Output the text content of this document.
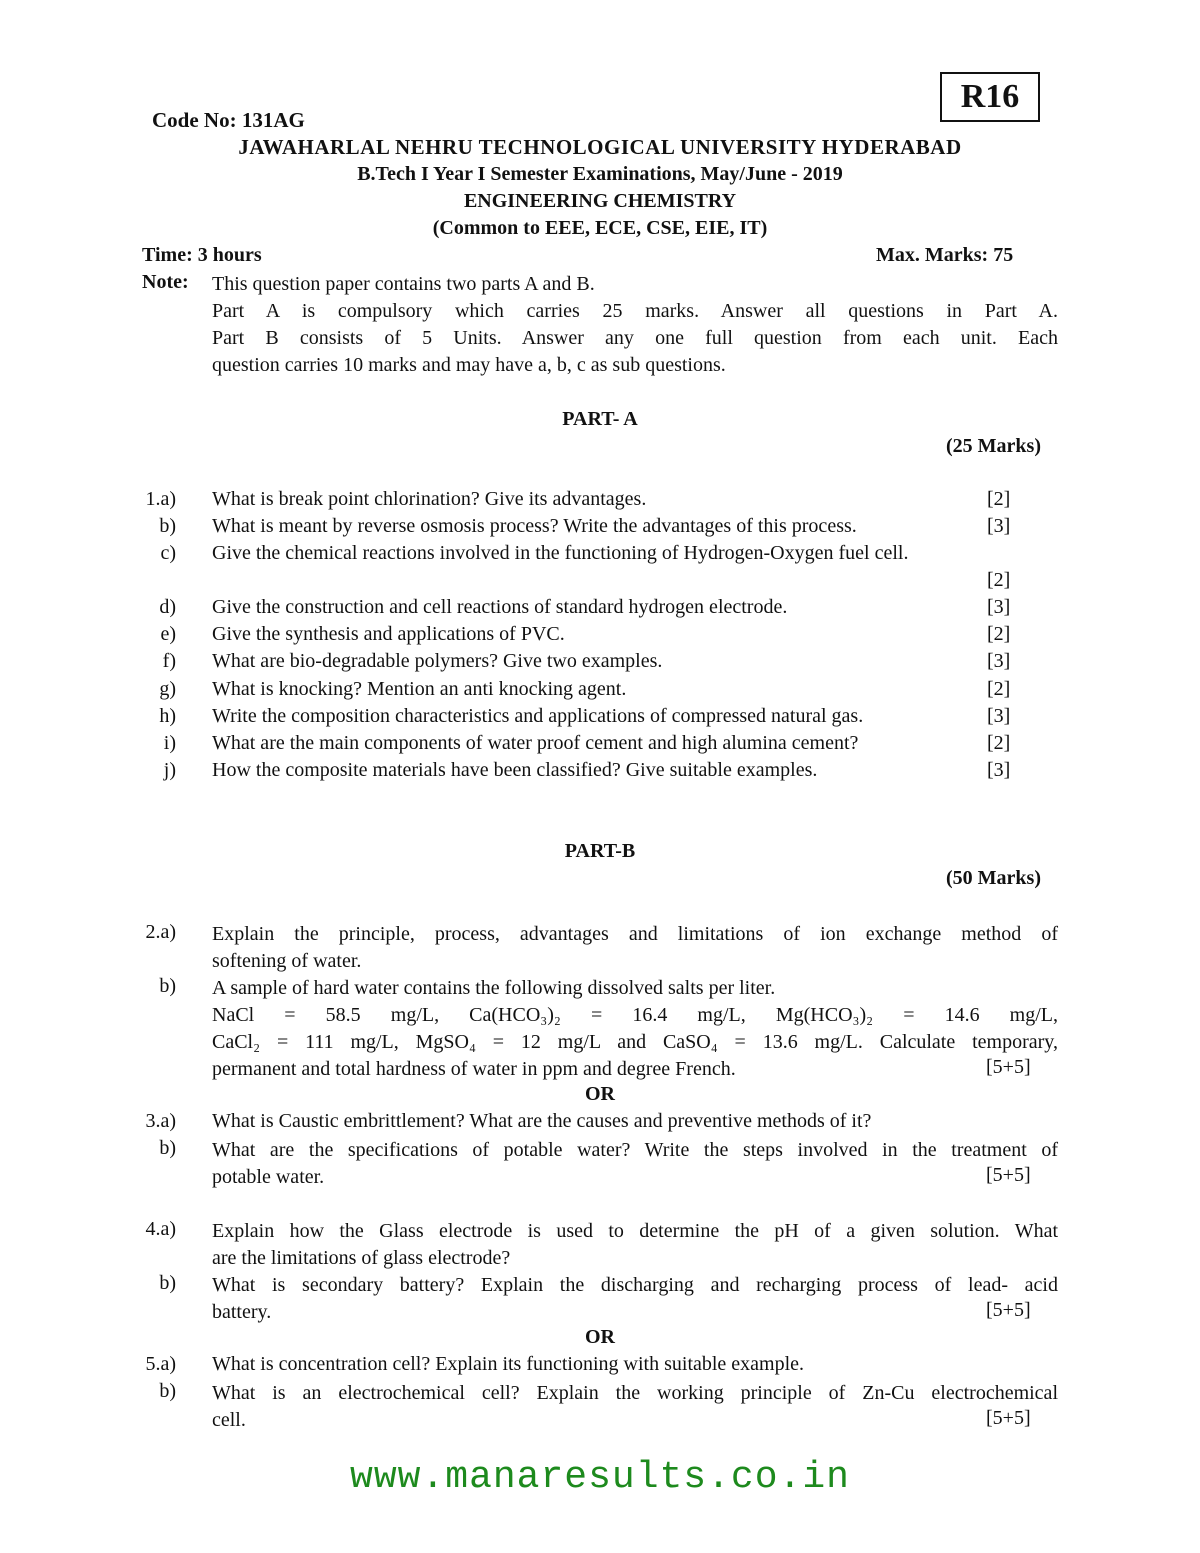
R16
Code No: 131AG
JAWAHARLAL NEHRU TECHNOLOGICAL UNIVERSITY HYDERABAD
B.Tech I Year I Semester Examinations, May/June - 2019
ENGINEERING CHEMISTRY
(Common to EEE, ECE, CSE, EIE, IT)
Time: 3 hours	Max. Marks: 75
Note: This question paper contains two parts A and B.
Part A is compulsory which carries 25 marks. Answer all questions in Part A.
Part B consists of 5 Units. Answer any one full question from each unit. Each
question carries 10 marks and may have a, b, c as sub questions.
PART- A
(25 Marks)
1.a) What is break point chlorination? Give its advantages.	[2]
b) What is meant by reverse osmosis process? Write the advantages of this process.	[3]
c) Give the chemical reactions involved in the functioning of Hydrogen-Oxygen fuel cell.
[2]
d) Give the construction and cell reactions of standard hydrogen electrode.	[3]
e) Give the synthesis and applications of PVC.	[2]
f) What are bio-degradable polymers? Give two examples.	[3]
g) What is knocking? Mention an anti knocking agent.	[2]
h) Write the composition characteristics and applications of compressed natural gas.	[3]
i) What are the main components of water proof cement and high alumina cement?	[2]
j) How the composite materials have been classified? Give suitable examples.	[3]
PART-B
(50 Marks)
2.a) Explain the principle, process, advantages and limitations of ion exchange method of
softening of water.
b) A sample of hard water contains the following dissolved salts per liter.
NaCl = 58.5 mg/L, Ca(HCO₃)₂ = 16.4 mg/L, Mg(HCO₃)₂ = 14.6 mg/L,
CaCl₂ = 111 mg/L, MgSO₄ = 12 mg/L and CaSO₄ = 13.6 mg/L. Calculate temporary,
permanent and total hardness of water in ppm and degree French.	[5+5]
OR
3.a) What is Caustic embrittlement? What are the causes and preventive methods of it?
b) What are the specifications of potable water? Write the steps involved in the treatment of
potable water.	[5+5]
4.a) Explain how the Glass electrode is used to determine the pH of a given solution. What
are the limitations of glass electrode?
b) What is secondary battery? Explain the discharging and recharging process of lead- acid
battery.	[5+5]
OR
5.a) What is concentration cell? Explain its functioning with suitable example.
b) What is an electrochemical cell? Explain the working principle of Zn-Cu electrochemical
cell.	[5+5]
www.manaresults.co.in
